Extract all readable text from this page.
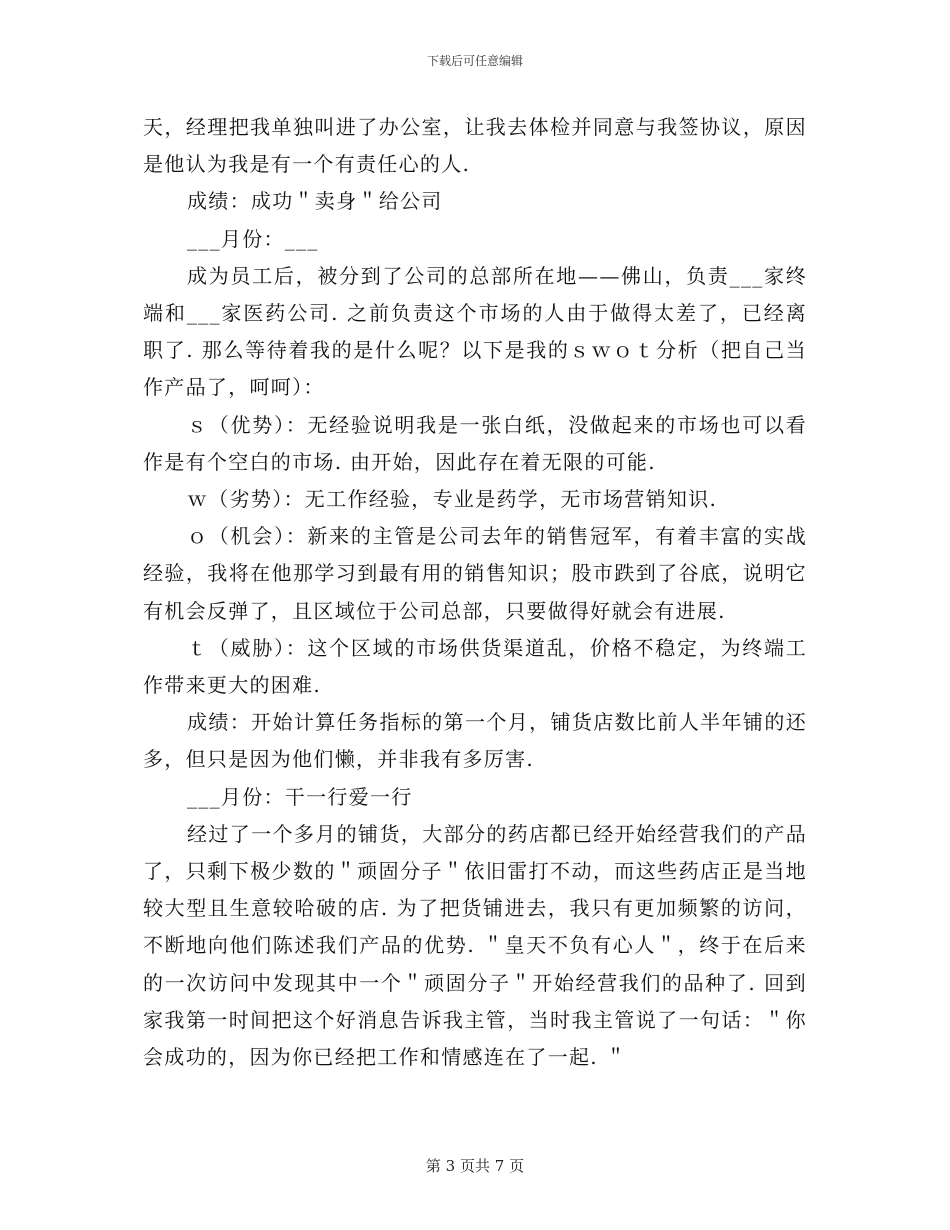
下载后可任意编辑

天，经理把我单独叫进了办公室，让我去体检并同意与我签协议，原因是他认为我是有一个有责任心的人.

成绩：成功＂卖身＂给公司

___月份：___

成为员工后，被分到了公司的总部所在地——佛山，负责___家终端和___家医药公司. 之前负责这个市场的人由于做得太差了，已经离职了. 那么等待着我的是什么呢？以下是我的ｓｗｏｔ分析（把自己当作产品了，呵呵）：

ｓ（优势）：无经验说明我是一张白纸，没做起来的市场也可以看作是有个空白的市场. 由开始，因此存在着无限的可能.

ｗ（劣势）：无工作经验，专业是药学，无市场营销知识.

ｏ（机会）：新来的主管是公司去年的销售冠军，有着丰富的实战经验，我将在他那学习到最有用的销售知识；股市跌到了谷底，说明它有机会反弹了，且区域位于公司总部，只要做得好就会有进展.

ｔ（威胁）：这个区域的市场供货渠道乱，价格不稳定，为终端工作带来更大的困难.

成绩：开始计算任务指标的第一个月，铺货店数比前人半年铺的还多，但只是因为他们懒，并非我有多厉害.

___月份：干一行爱一行

经过了一个多月的铺货，大部分的药店都已经开始经营我们的产品了，只剩下极少数的＂顽固分子＂依旧雷打不动，而这些药店正是当地较大型且生意较哈破的店. 为了把货铺进去，我只有更加频繁的访问，不断地向他们陈述我们产品的优势. ＂皇天不负有心人＂，终于在后来的一次访问中发现其中一个＂顽固分子＂开始经营我们的品种了. 回到家我第一时间把这个好消息告诉我主管，当时我主管说了一句话：＂你会成功的，因为你已经把工作和情感连在了一起. ＂

第 3 页共 7 页
